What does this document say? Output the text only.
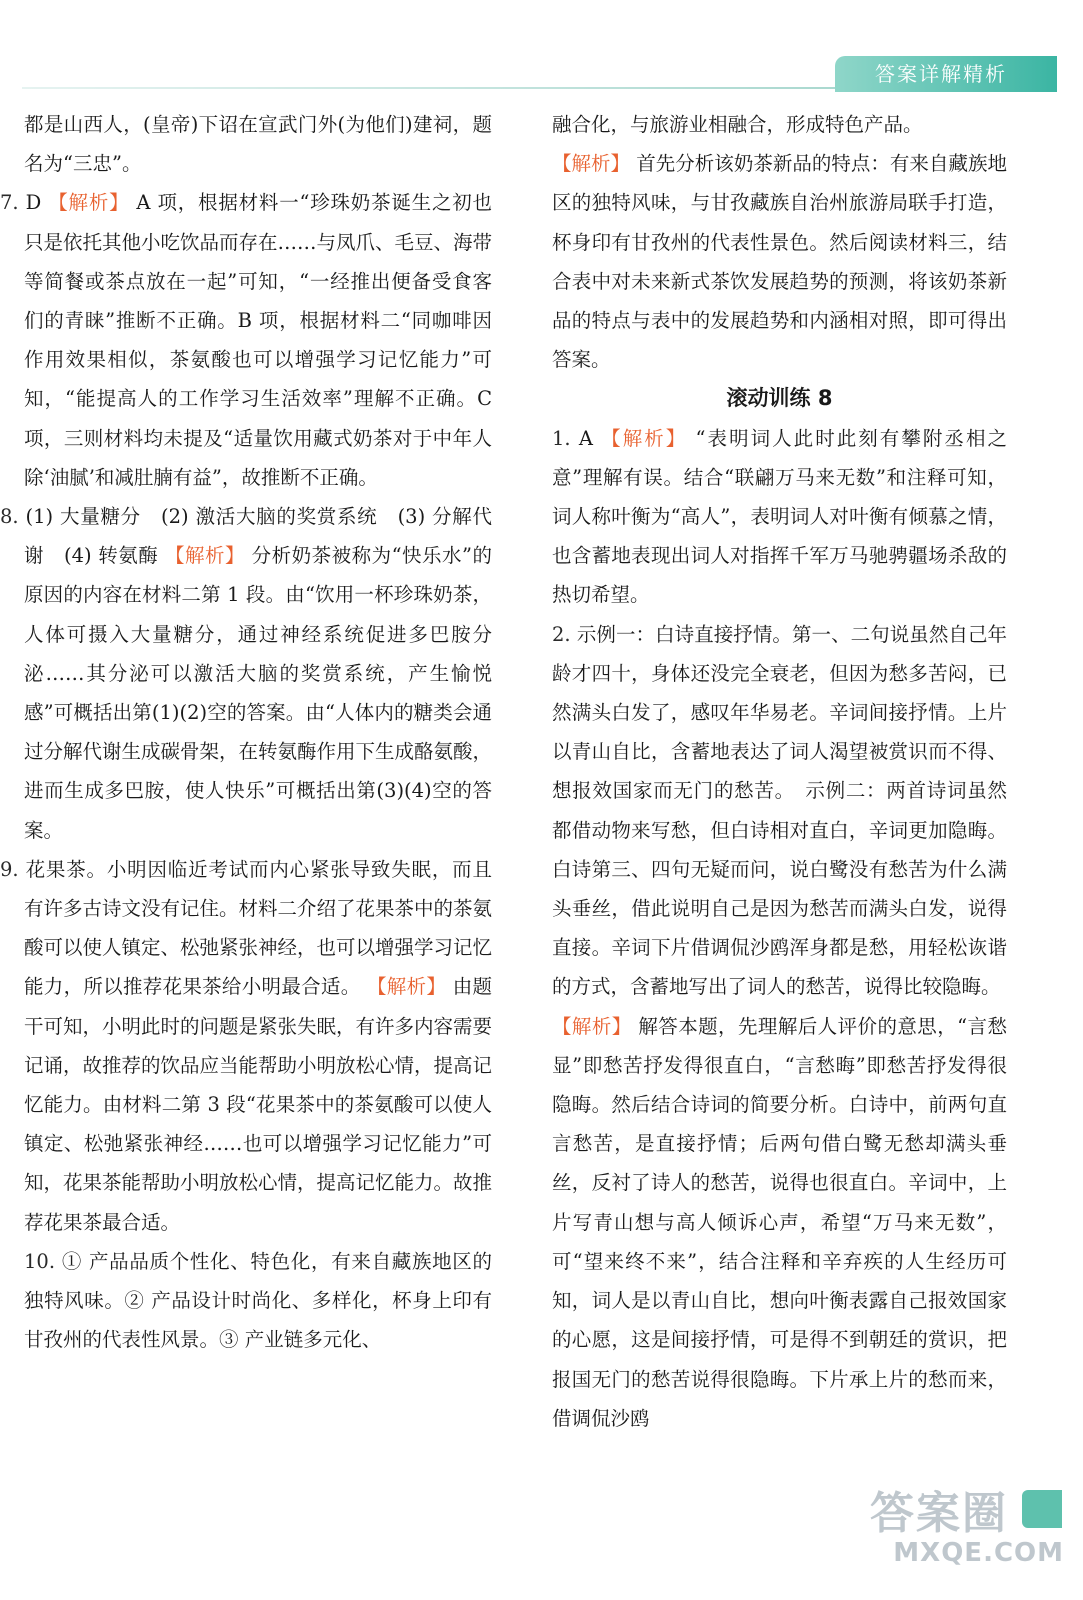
答案详解精析

都是山西人，(皇帝)下诏在宣武门外(为他们)建祠，题名为“三忠”。

7. D 【解析】 A 项，根据材料一“珍珠奶茶诞生之初也只是依托其他小吃饮品而存在……与凤爪、毛豆、海带等简餐或茶点放在一起”可知，“一经推出便备受食客们的青睐”推断不正确。B 项，根据材料二“同咖啡因作用效果相似，茶氨酸也可以增强学习记忆能力”可知，“能提高人的工作学习生活效率”理解不正确。C 项，三则材料均未提及“适量饮用藏式奶茶对于中年人除‘油腻’和减肚腩有益”，故推断不正确。

8. (1) 大量糖分　(2) 激活大脑的奖赏系统　(3) 分解代谢　(4) 转氨酶 【解析】 分析奶茶被称为“快乐水”的原因的内容在材料二第 1 段。由“饮用一杯珍珠奶茶，人体可摄入大量糖分，通过神经系统促进多巴胺分泌……其分泌可以激活大脑的奖赏系统，产生愉悦感”可概括出第(1)(2)空的答案。由“人体内的糖类会通过分解代谢生成碳骨架，在转氨酶作用下生成酪氨酸，进而生成多巴胺，使人快乐”可概括出第(3)(4)空的答案。

9. 花果茶。小明因临近考试而内心紧张导致失眠，而且有许多古诗文没有记住。材料二介绍了花果茶中的茶氨酸可以使人镇定、松弛紧张神经，也可以增强学习记忆能力，所以推荐花果茶给小明最合适。 【解析】 由题干可知，小明此时的问题是紧张失眠，有许多内容需要记诵，故推荐的饮品应当能帮助小明放松心情，提高记忆能力。由材料二第 3 段“花果茶中的茶氨酸可以使人镇定、松弛紧张神经……也可以增强学习记忆能力”可知，花果茶能帮助小明放松心情，提高记忆能力。故推荐花果茶最合适。

10. ① 产品品质个性化、特色化，有来自藏族地区的独特风味。② 产品设计时尚化、多样化，杯身上印有甘孜州的代表性风景。③ 产业链多元化、

融合化，与旅游业相融合，形成特色产品。

【解析】 首先分析该奶茶新品的特点：有来自藏族地区的独特风味，与甘孜藏族自治州旅游局联手打造，杯身印有甘孜州的代表性景色。然后阅读材料三，结合表中对未来新式茶饮发展趋势的预测，将该奶茶新品的特点与表中的发展趋势和内涵相对照，即可得出答案。

滚动训练 8

1. A 【解析】 “表明词人此时此刻有攀附丞相之意”理解有误。结合“联翩万马来无数”和注释可知，词人称叶衡为“高人”，表明词人对叶衡有倾慕之情，也含蓄地表现出词人对指挥千军万马驰骋疆场杀敌的热切希望。

2. 示例一：白诗直接抒情。第一、二句说虽然自己年龄才四十，身体还没完全衰老，但因为愁多苦闷，已然满头白发了，感叹年华易老。辛词间接抒情。上片以青山自比，含蓄地表达了词人渴望被赏识而不得、想报效国家而无门的愁苦。　示例二：两首诗词虽然都借动物来写愁，但白诗相对直白，辛词更加隐晦。白诗第三、四句无疑而问，说白鹭没有愁苦为什么满头垂丝，借此说明自己是因为愁苦而满头白发，说得直接。辛词下片借调侃沙鸥浑身都是愁，用轻松诙谐的方式，含蓄地写出了词人的愁苦，说得比较隐晦。

【解析】 解答本题，先理解后人评价的意思，“言愁显”即愁苦抒发得很直白，“言愁晦”即愁苦抒发得很隐晦。然后结合诗词的简要分析。白诗中，前两句直言愁苦，是直接抒情；后两句借白鹭无愁却满头垂丝，反衬了诗人的愁苦，说得也很直白。辛词中，上片写青山想与高人倾诉心声，希望“万马来无数”，可“望来终不来”，结合注释和辛弃疾的人生经历可知，词人是以青山自比，想向叶衡表露自己报效国家的心愿，这是间接抒情，可是得不到朝廷的赏识，把报国无门的愁苦说得很隐晦。下片承上片的愁而来，借调侃沙鸥

答案圈
MXQE.COM
